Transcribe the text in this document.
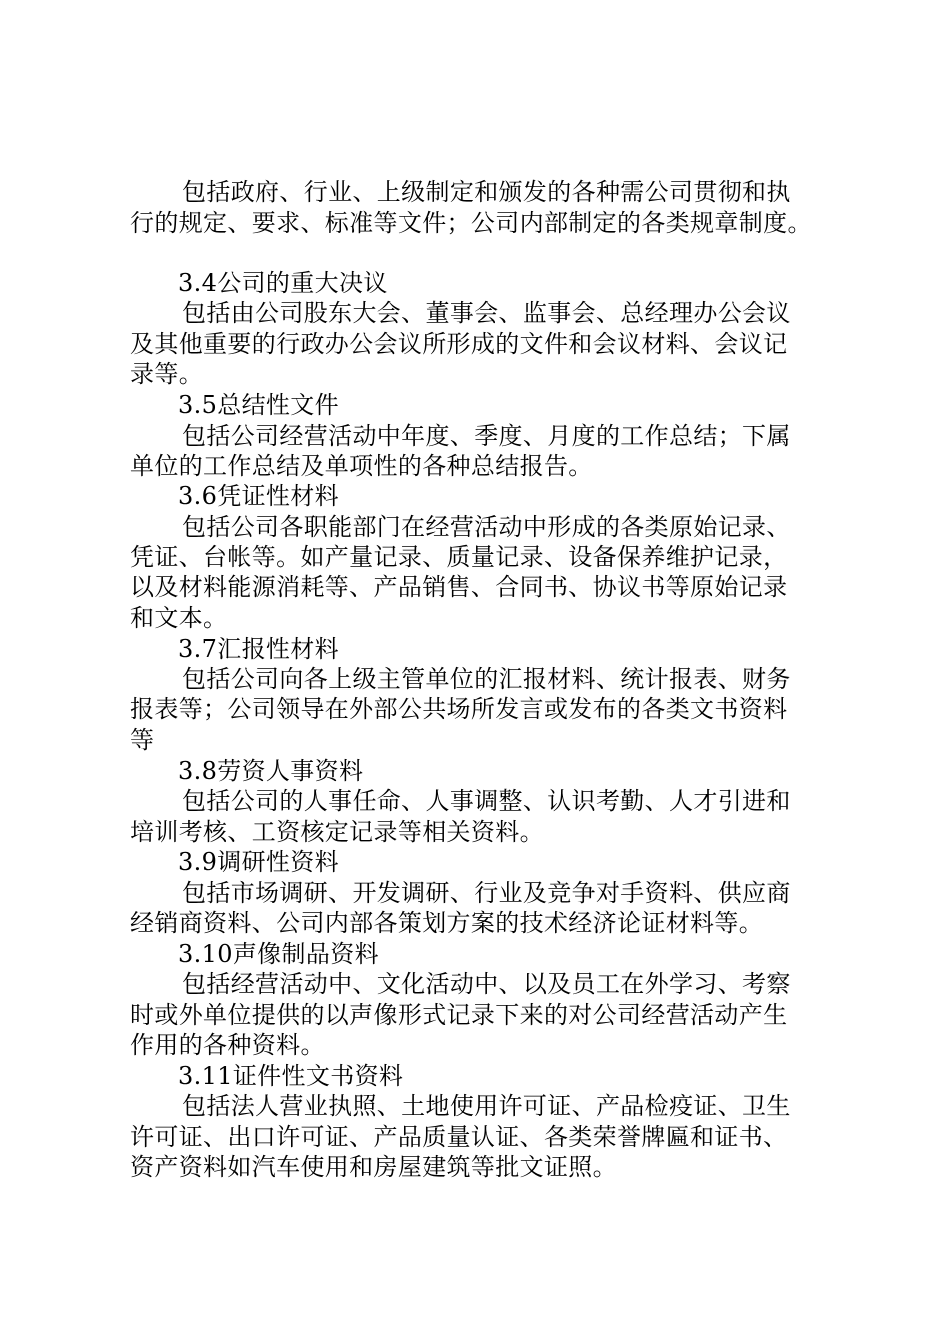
包括政府、行业、上级制定和颁发的各种需公司贯彻和执
行的规定、要求、标准等文件；公司内部制定的各类规章制度。
3.4公司的重大决议
包括由公司股东大会、董事会、监事会、总经理办公会议
及其他重要的行政办公会议所形成的文件和会议材料、会议记
录等。
3.5总结性文件
包括公司经营活动中年度、季度、月度的工作总结；下属
单位的工作总结及单项性的各种总结报告。
3.6凭证性材料
包括公司各职能部门在经营活动中形成的各类原始记录、
凭证、台帐等。如产量记录、质量记录、设备保养维护记录，
以及材料能源消耗等、产品销售、合同书、协议书等原始记录
和文本。
3.7汇报性材料
包括公司向各上级主管单位的汇报材料、统计报表、财务
报表等；公司领导在外部公共场所发言或发布的各类文书资料
等
3.8劳资人事资料
包括公司的人事任命、人事调整、认识考勤、人才引进和
培训考核、工资核定记录等相关资料。
3.9调研性资料
包括市场调研、开发调研、行业及竞争对手资料、供应商
经销商资料、公司内部各策划方案的技术经济论证材料等。
3.10声像制品资料
包括经营活动中、文化活动中、以及员工在外学习、考察
时或外单位提供的以声像形式记录下来的对公司经营活动产生
作用的各种资料。
3.11证件性文书资料
包括法人营业执照、土地使用许可证、产品检疫证、卫生
许可证、出口许可证、产品质量认证、各类荣誉牌匾和证书、
资产资料如汽车使用和房屋建筑等批文证照。
